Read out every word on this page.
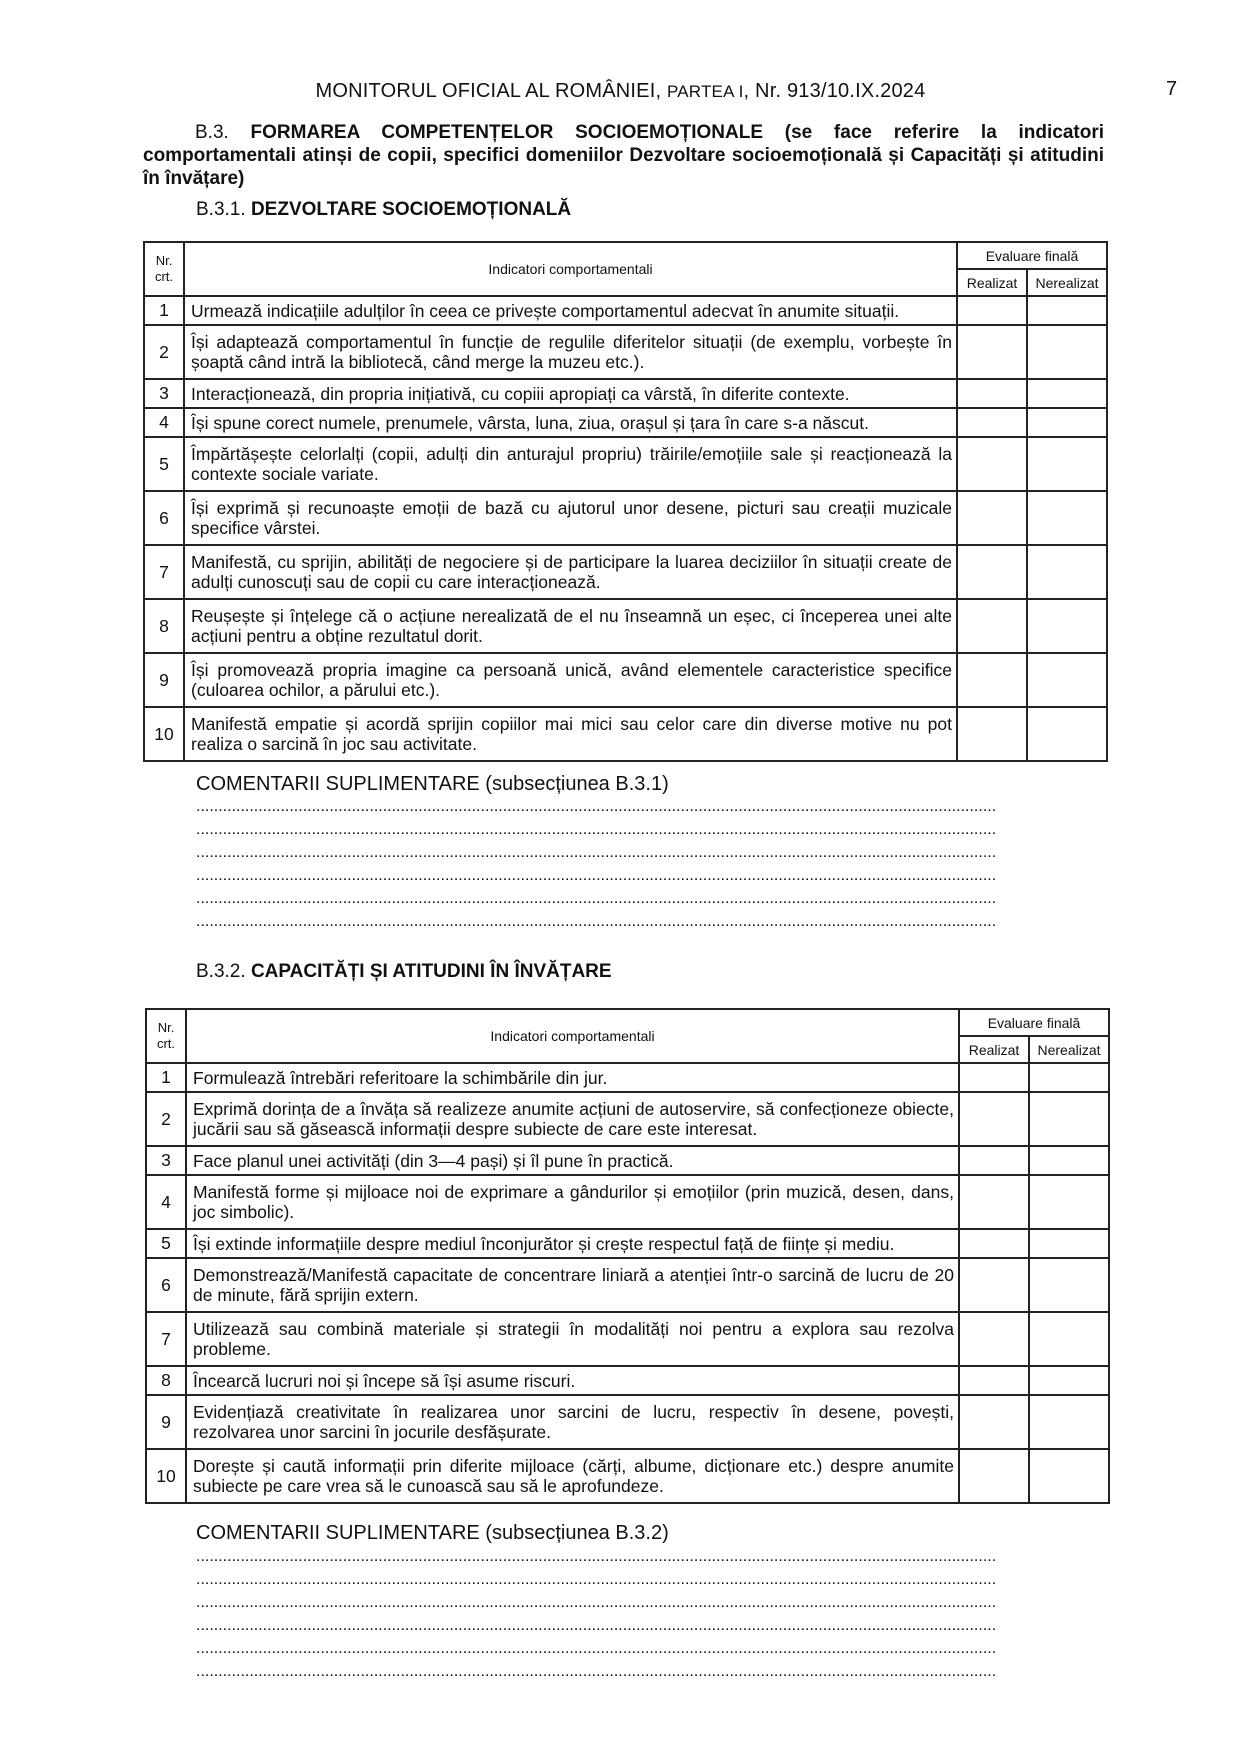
MONITORUL OFICIAL AL ROMÂNIEI, PARTEA I, Nr. 913/10.IX.2024	7
B.3. FORMAREA COMPETENȚELOR SOCIOEMOȚIONALE (se face referire la indicatori comportamentali atinși de copii, specifici domeniilor Dezvoltare socioemoțională și Capacități și atitudini în învățare)
B.3.1. DEZVOLTARE SOCIOEMOȚIONALĂ
Nr.
crt.	Indicatori comportamentali	Evaluare finală	
		Realizat	Nerealizat
1	Urmează indicațiile adulților în ceea ce privește comportamentul adecvat în anumite situații.		
2	Își adaptează comportamentul în funcție de regulile diferitelor situații (de exemplu, vorbește în șoaptă când intră la bibliotecă, când merge la muzeu etc.).		
3	Interacționează, din propria inițiativă, cu copiii apropiați ca vârstă, în diferite contexte.		
4	Își spune corect numele, prenumele, vârsta, luna, ziua, orașul și țara în care s-a născut.		
5	Împărtășește celorlalți (copii, adulți din anturajul propriu) trăirile/emoțiile sale și reacționează la contexte sociale variate.		
6	Își exprimă și recunoaște emoții de bază cu ajutorul unor desene, picturi sau creații muzicale specifice vârstei.		
7	Manifestă, cu sprijin, abilități de negociere și de participare la luarea deciziilor în situații create de adulți cunoscuți sau de copii cu care interacționează.		
8	Reușește și înțelege că o acțiune nerealizată de el nu înseamnă un eșec, ci începerea unei alte acțiuni pentru a obține rezultatul dorit.		
9	Își promovează propria imagine ca persoană unică, având elementele caracteristice specifice (culoarea ochilor, a părului etc.).		
10	Manifestă empatie și acordă sprijin copiilor mai mici sau celor care din diverse motive nu pot realiza o sarcină în joc sau activitate.		
COMENTARII SUPLIMENTARE (subsecțiunea B.3.1)
....................................................................................................................................................................................
....................................................................................................................................................................................
....................................................................................................................................................................................
....................................................................................................................................................................................
....................................................................................................................................................................................
....................................................................................................................................................................................
B.3.2. CAPACITĂȚI ȘI ATITUDINI ÎN ÎNVĂȚARE
Nr.
crt.	Indicatori comportamentali	Evaluare finală	
		Realizat	Nerealizat
1	Formulează întrebări referitoare la schimbările din jur.		
2	Exprimă dorința de a învăța să realizeze anumite acțiuni de autoservire, să confecționeze obiecte, jucării sau să găsească informații despre subiecte de care este interesat.		
3	Face planul unei activități (din 3—4 pași) și îl pune în practică.		
4	Manifestă forme și mijloace noi de exprimare a gândurilor și emoțiilor (prin muzică, desen, dans, joc simbolic).		
5	Își extinde informațiile despre mediul înconjurător și crește respectul față de ființe și mediu.		
6	Demonstrează/Manifestă capacitate de concentrare liniară a atenției într-o sarcină de lucru de 20 de minute, fără sprijin extern.		
7	Utilizează sau combină materiale și strategii în modalități noi pentru a explora sau rezolva probleme.		
8	Încearcă lucruri noi și începe să își asume riscuri.		
9	Evidențiază creativitate în realizarea unor sarcini de lucru, respectiv în desene, povești, rezolvarea unor sarcini în jocurile desfășurate.		
10	Dorește și caută informații prin diferite mijloace (cărți, albume, dicționare etc.) despre anumite subiecte pe care vrea să le cunoască sau să le aprofundeze.		
COMENTARII SUPLIMENTARE (subsecțiunea B.3.2)
....................................................................................................................................................................................
....................................................................................................................................................................................
....................................................................................................................................................................................
....................................................................................................................................................................................
....................................................................................................................................................................................
....................................................................................................................................................................................
